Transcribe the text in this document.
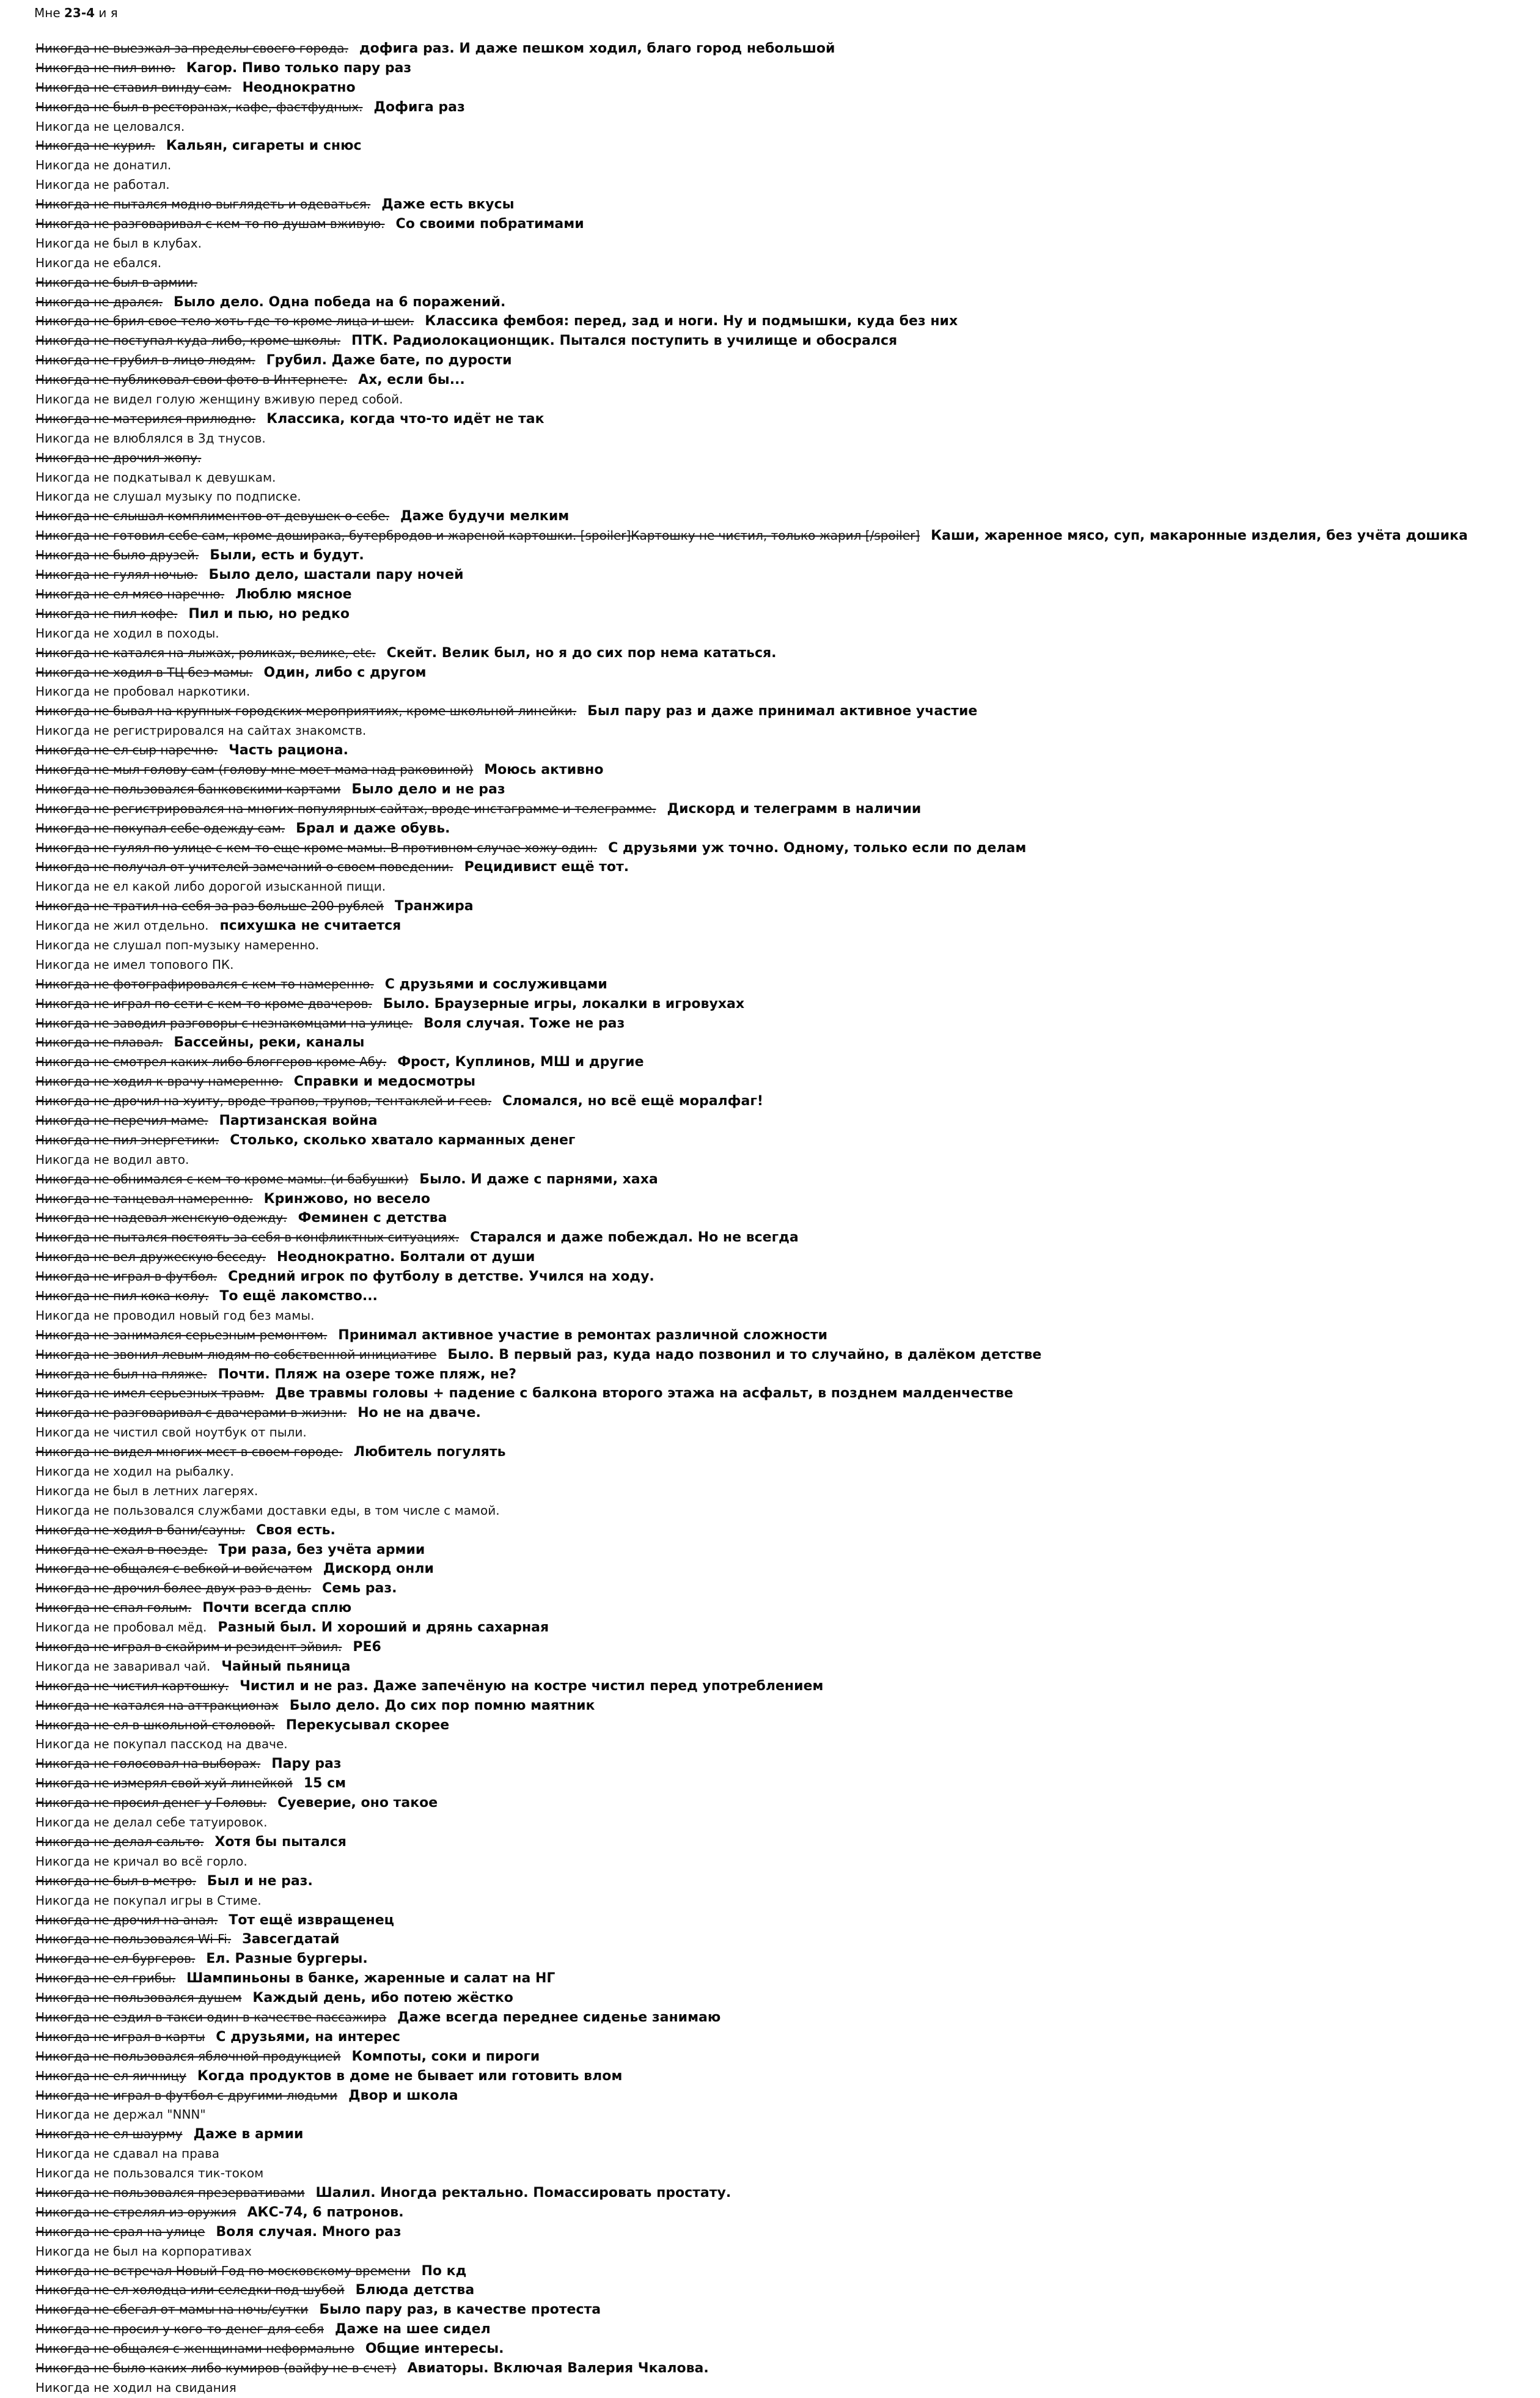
Мне 23-4 и я
Никогда не выезжал за пределы своего города. дофига раз. И даже пешком ходил, благо город небольшой
Никогда не пил вино. Кагор. Пиво только пару раз
Никогда не ставил винду сам. Неоднократно
Никогда не был в ресторанах, кафе, фастфудных. Дофига раз
Никогда не целовался.
Никогда не курил. Кальян, сигареты и снюс
Никогда не донатил.
Никогда не работал.
Никогда не пытался модно выглядеть и одеваться. Даже есть вкусы
Никогда не разговаривал с кем-то по душам вживую. Со своими побратимами
Никогда не был в клубах.
Никогда не ебался.
Никогда не был в армии.
Никогда не дрался. Было дело. Одна победа на 6 поражений.
Никогда не брил свое тело хоть где-то кроме лица и шеи. Классика фембоя: перед, зад и ноги. Ну и подмышки, куда без них
Никогда не поступал куда либо, кроме школы. ПТК. Радиолокационщик. Пытался поступить в училище и обосрался
Никогда не грубил в лицо людям. Грубил. Даже бате, по дурости
Никогда не публиковал свои фото в Интернете. Ах, если бы...
Никогда не видел голую женщину вживую перед собой.
Никогда не матерился прилюдно. Классика, когда что-то идёт не так
Никогда не влюблялся в 3д тнусов.
Никогда не дрочил жопу.
Никогда не подкатывал к девушкам.
Никогда не слушал музыку по подписке.
Никогда не слышал комплиментов от девушек о себе. Даже будучи мелким
Никогда не готовил себе сам, кроме доширака, бутербродов и жареной картошки. [spoiler]Картошку не чистил, только жарил [/spoiler] Каши, жаренное мясо, суп, макаронные изделия, без учёта дошика
Никогда не было друзей. Были, есть и будут.
Никогда не гулял ночью. Было дело, шастали пару ночей
Никогда не ел мясо наречно. Люблю мясное
Никогда не пил кофе. Пил и пью, но редко
Никогда не ходил в походы.
Никогда не катался на лыжах, роликах, велике, etc. Скейт. Велик был, но я до сих пор нема кататься.
Никогда не ходил в ТЦ без мамы. Один, либо с другом
Никогда не пробовал наркотики.
Никогда не бывал на крупных городских мероприятиях, кроме школьной линейки. Был пару раз и даже принимал активное участие
Никогда не регистрировался на сайтах знакомств.
Никогда не ел сыр наречно. Часть рациона.
Никогда не мыл голову сам (голову мне моет мама над раковиной) Моюсь активно
Никогда не пользовался банковскими картами Было дело и не раз
Никогда не регистрировался на многих популярных сайтах, вроде инстаграмме и телеграмме. Дискорд и телеграмм в наличии
Никогда не покупал себе одежду сам. Брал и даже обувь.
Никогда не гулял по улице с кем-то еще кроме мамы. В противном случае хожу один. С друзьями уж точно. Одному, только если по делам
Никогда не получал от учителей замечаний о своем поведении. Рецидивист ещё тот.
Никогда не ел какой либо дорогой изысканной пищи.
Никогда не тратил на себя за раз больше 200 рублей Транжира
Никогда не жил отдельно. психушка не считается
Никогда не слушал поп-музыку намеренно.
Никогда не имел топового ПК.
Никогда не фотографировался с кем-то намеренно. С друзьями и сослуживцами
Никогда не играл по сети с кем-то кроме двачеров. Было. Браузерные игры, локалки в игровухах
Никогда не заводил разговоры с незнакомцами на улице. Воля случая. Тоже не раз
Никогда не плавал. Бассейны, реки, каналы
Никогда не смотрел каких либо блоггеров кроме Абу. Фрост, Куплинов, МШ и другие
Никогда не ходил к врачу намеренно. Справки и медосмотры
Никогда не дрочил на хуиту, вроде трапов, трупов, тентаклей и геев. Сломался, но всё ещё моралфаг!
Никогда не перечил маме. Партизанская война
Никогда не пил энергетики. Столько, сколько хватало карманных денег
Никогда не водил авто.
Никогда не обнимался с кем-то кроме мамы. (и бабушки) Было. И даже с парнями, хаха
Никогда не танцевал намеренно. Кринжово, но весело
Никогда не надевал женскую одежду. Феминен с детства
Никогда не пытался постоять за себя в конфликтных ситуациях. Старался и даже побеждал. Но не всегда
Никогда не вел дружескую беседу. Неоднократно. Болтали от души
Никогда не играл в футбол. Средний игрок по футболу в детстве. Учился на ходу.
Никогда не пил кока-колу. То ещё лакомство...
Никогда не проводил новый год без мамы.
Никогда не занимался серьезным ремонтом. Принимал активное участие в ремонтах различной сложности
Никогда не звонил левым людям по собственной инициативе Было. В первый раз, куда надо позвонил и то случайно, в далёком детстве
Никогда не был на пляже. Почти. Пляж на озере тоже пляж, не?
Никогда не имел серьезных травм. Две травмы головы + падение с балкона второго этажа на асфальт, в позднем малденчестве
Никогда не разговаривал с двачерами в жизни. Но не на дваче.
Никогда не чистил свой ноутбук от пыли.
Никогда не видел многих мест в своем городе. Любитель погулять
Никогда не ходил на рыбалку.
Никогда не был в летних лагерях.
Никогда не пользовался службами доставки еды, в том числе с мамой.
Никогда не ходил в бани/сауны. Своя есть.
Никогда не ехал в поезде. Три раза, без учёта армии
Никогда не общался с вебкой и войсчатом Дискорд онли
Никогда не дрочил более двух раз в день. Семь раз.
Никогда не спал голым. Почти всегда сплю
Никогда не пробовал мёд. Разный был. И хороший и дрянь сахарная
Никогда не играл в скайрим и резидент эйвил. РЕ6
Никогда не заваривал чай. Чайный пьяница
Никогда не чистил картошку. Чистил и не раз. Даже запечёную на костре чистил перед употреблением
Никогда не катался на аттракционах Было дело. До сих пор помню маятник
Никогда не ел в школьной столовой. Перекусывал скорее
Никогда не покупал пасскод на дваче.
Никогда не голосовал на выборах. Пару раз
Никогда не измерял свой хуй линейкой 15 см
Никогда не просил денег у Головы. Суеверие, оно такое
Никогда не делал себе татуировок.
Никогда не делал сальто. Хотя бы пытался
Никогда не кричал во всё горло.
Никогда не был в метро. Был и не раз.
Никогда не покупал игры в Стиме.
Никогда не дрочил на анал. Тот ещё извращенец
Никогда не пользовался Wi-Fi. Завсегдатай
Никогда не ел бургеров. Ел. Разные бургеры.
Никогда не ел грибы. Шампиньоны в банке, жаренные и салат на НГ
Никогда не пользовался душем Каждый день, ибо потею жёстко
Никогда не ездил в такси один в качестве пассажира Даже всегда переднее сиденье занимаю
Никогда не играл в карты С друзьями, на интерес
Никогда не пользовался яблочной продукцией Компоты, соки и пироги
Никогда не ел яичницу Когда продуктов в доме не бывает или готовить влом
Никогда не играл в футбол с другими людьми Двор и школа
Никогда не держал "NNN"
Никогда не ел шаурму Даже в армии
Никогда не сдавал на права
Никогда не пользовался тик-током
Никогда не пользовался презервативами Шалил. Иногда ректально. Помассировать простату.
Никогда не стрелял из оружия АКС-74, 6 патронов.
Никогда не срал на улице Воля случая. Много раз
Никогда не был на корпоративах
Никогда не встречал Новый Год по московскому времени По кд
Никогда не ел холодца или селедки под шубой Блюда детства
Никогда не сбегал от мамы на ночь/сутки Было пару раз, в качестве протеста
Никогда не просил у кого-то денег для себя Даже на шее сидел
Никогда не общался с женщинами неформально Общие интересы.
Никогда не было каких либо кумиров (вайфу не в счет) Авиаторы. Включая Валерия Чкалова.
Никогда не ходил на свидания
